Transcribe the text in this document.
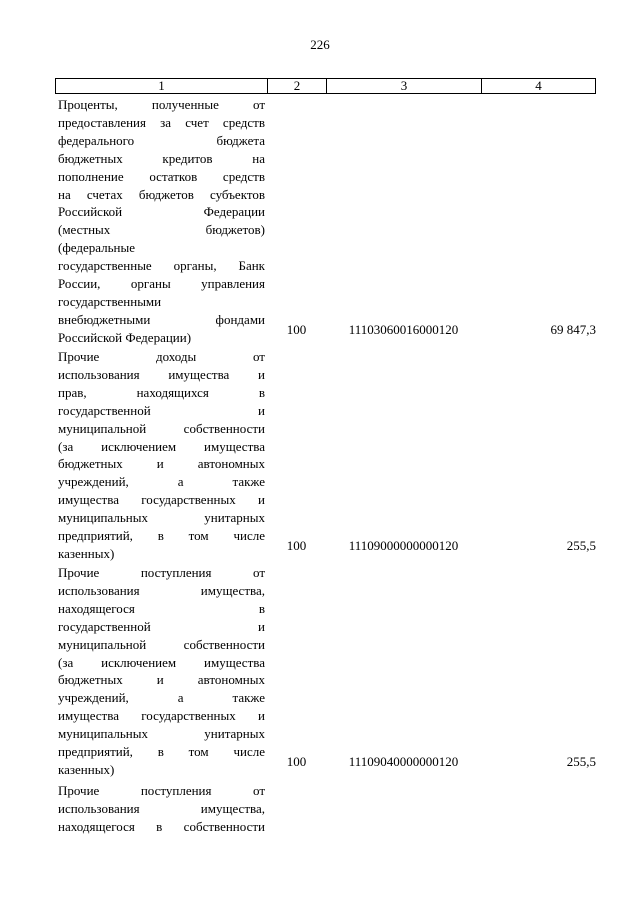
226
1	2	3	4
Проценты, полученные от
предоставления за счет средств
федерального бюджета
бюджетных кредитов на
пополнение остатков средств
на счетах бюджетов субъектов
Российской Федерации
(местных бюджетов)
(федеральные
государственные органы, Банк
России, органы управления
государственными
внебюджетными фондами
Российской Федерации)
100	11103060016000120	69 847,3
Прочие доходы от
использования имущества и
прав, находящихся в
государственной и
муниципальной собственности
(за исключением имущества
бюджетных и автономных
учреждений, а также
имущества государственных и
муниципальных унитарных
предприятий, в том числе
казенных)
100	11109000000000120	255,5
Прочие поступления от
использования имущества,
находящегося в
государственной и
муниципальной собственности
(за исключением имущества
бюджетных и автономных
учреждений, а также
имущества государственных и
муниципальных унитарных
предприятий, в том числе
казенных)
100	11109040000000120	255,5
Прочие поступления от
использования имущества,
находящегося в собственности
